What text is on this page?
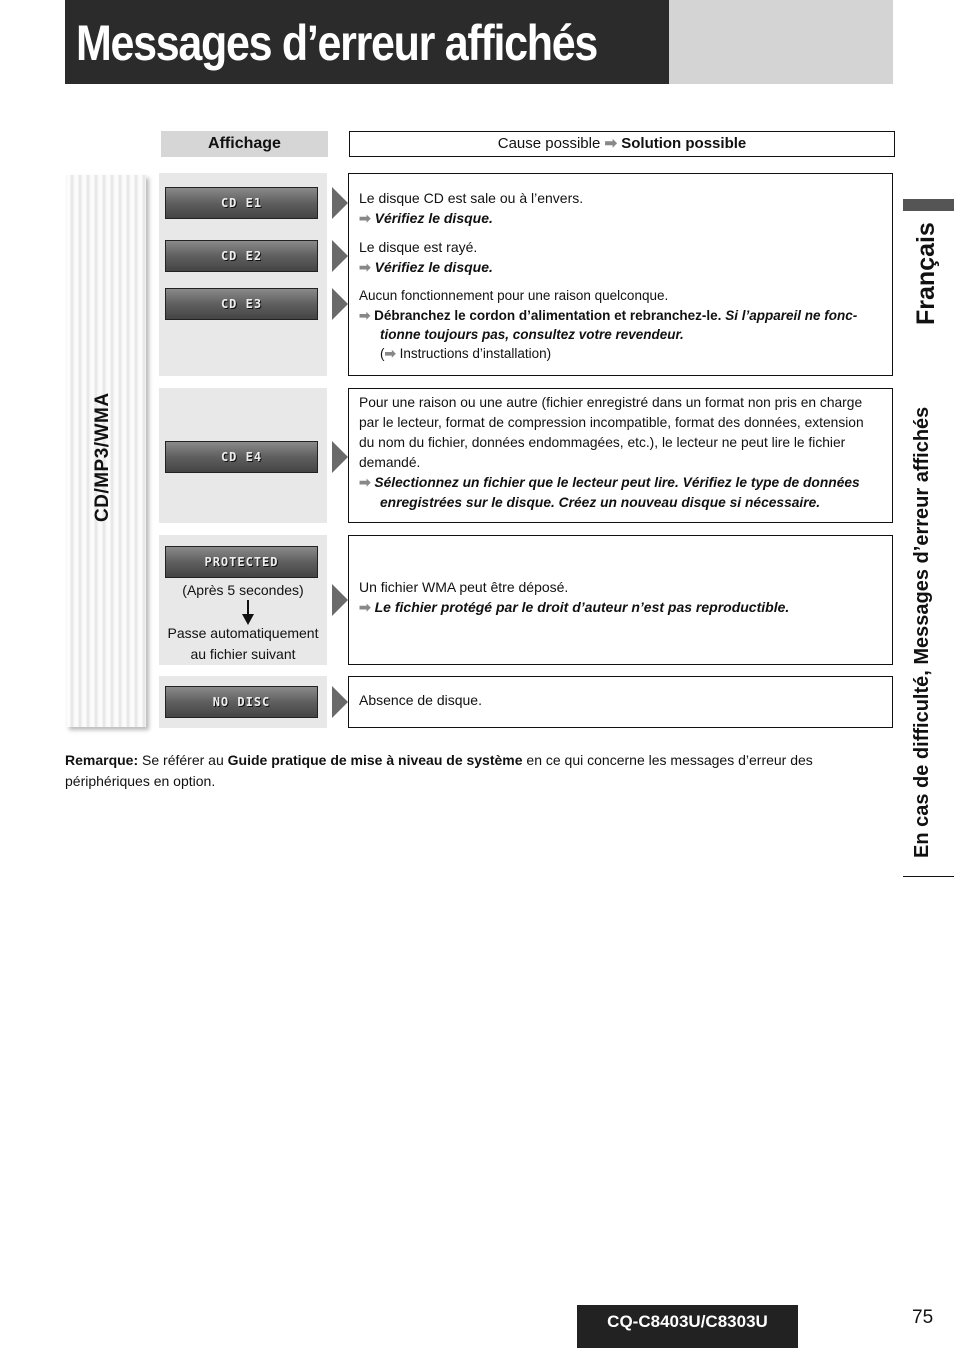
Messages d’erreur affichés
Affichage	Cause possible ➡ Solution possible
CD/MP3/WMA
CD E1
CD E2
CD E3
CD E4
PROTECTED
NO DISC
(Après 5 secondes)
Passe automatiquement
au fichier suivant
Le disque CD est sale ou à l’envers.
➡ Vérifiez le disque.
Le disque est rayé.
➡ Vérifiez le disque.
Aucun fonctionnement pour une raison quelconque.
➡ Débranchez le cordon d’alimentation et rebranchez-le. Si l’appareil ne fonc-
tionne toujours pas, consultez votre revendeur.
(➡ Instructions d’installation)
Pour une raison ou une autre (fichier enregistré dans un format non pris en charge
par le lecteur, format de compression incompatible, format des données, extension
du nom du fichier, données endommagées, etc.), le lecteur ne peut lire le fichier
demandé.
➡ Sélectionnez un fichier que le lecteur peut lire. Vérifiez le type de données
enregistrées sur le disque. Créez un nouveau disque si nécessaire.
Un fichier WMA peut être déposé.
➡ Le fichier protégé par le droit d’auteur n’est pas reproductible.
Absence de disque.
Remarque: Se référer au Guide pratique de mise à niveau de système en ce qui concerne les messages d’erreur des
périphériques en option.
Français
En cas de difficulté, Messages d’erreur affichés
CQ-C8403U/C8303U	75
